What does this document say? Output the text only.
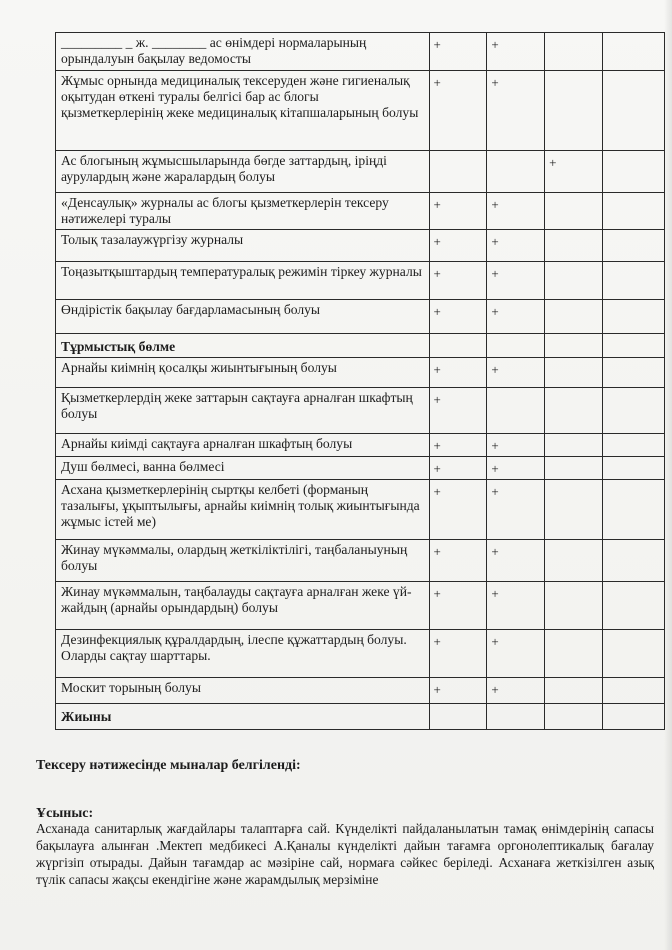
_________ _ ж. ________ ас өнімдері нормаларының орындалуын бақылау ведомосты	+	+		
Жұмыс орнында медициналық тексеруден және гигиеналық оқытудан өткені туралы белгісі бар ас блогы қызметкерлерінің жеке медициналық кітапшаларының болуы	+	+		
Ас блогының жұмысшыларында бөгде заттардың, іріңді аурулардың және жаралардың болуы			+	
«Денсаулық» журналы ас блогы қызметкерлерін тексеру нәтижелері туралы	+	+		
Толық тазалаужүргізу журналы	+	+		
Тоңазытқыштардың температуралық режимін тіркеу журналы	+	+		
Өндірістік бақылау бағдарламасының болуы	+	+		
Тұрмыстық бөлме				
Арнайы киімнің қосалқы жиынтығының болуы	+	+		
Қызметкерлердің жеке заттарын сақтауға арналған шкафтың болуы	+			
Арнайы киімді сақтауға арналған шкафтың болуы	+	+		
Душ бөлмесі, ванна бөлмесі	+	+		
Асхана қызметкерлерінің сыртқы келбеті (форманың тазалығы, ұқыптылығы, арнайы киімнің толық жиынтығында жұмыс істей ме)	+	+		
Жинау мүкәммалы, олардың жеткіліктілігі, таңбаланыуның болуы	+	+		
Жинау мүкәммалын, таңбалауды сақтауға арналған жеке үй-жайдың (арнайы орындардың) болуы	+	+		
Дезинфекциялық құралдардың, ілеспе құжаттардың болуы. Оларды сақтау шарттары.	+	+		
Москит торының болуы	+	+		
Жиыны				
Тексеру нәтижесінде мыналар белгіленді:
Ұсыныс:
Асханада санитарлық жағдайлары талаптарға сай. Күнделікті пайдаланылатын тамақ өнімдерінің сапасы бақылауға алынған .Мектеп медбикесі А.Қаналы күнделікті дайын тағамға оргонолептикалық бағалау жүргізіп отырады. Дайын тағамдар ас мәзіріне сай, нормаға сәйкес беріледі. Асханаға жеткізілген азық түлік сапасы жақсы екендігіне және жарамдылық мерзіміне
